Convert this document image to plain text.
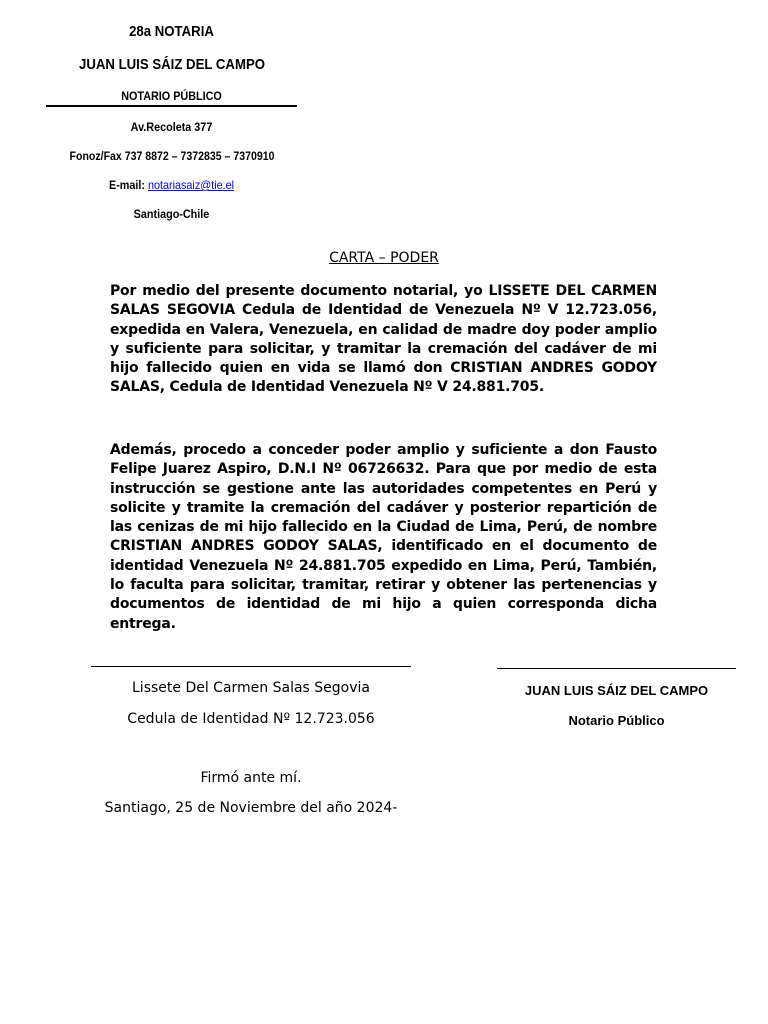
28a NOTARIA
JUAN LUIS SÁIZ DEL CAMPO
NOTARIO PÚBLICO
Av.Recoleta 377
Fonoz/Fax 737 8872 – 7372835 – 7370910
E-mail: notariasaiz@tie.el
Santiago-Chile
CARTA – PODER
Por medio del presente documento notarial, yo LISSETE DEL CARMEN SALAS SEGOVIA Cedula de Identidad de Venezuela Nº V 12.723.056, expedida en Valera, Venezuela, en calidad de madre doy poder amplio y suficiente para solicitar, y tramitar la cremación del cadáver de mi hijo fallecido quien en vida se llamó don CRISTIAN ANDRES GODOY SALAS, Cedula de Identidad Venezuela Nº V 24.881.705.
Además, procedo a conceder poder amplio y suficiente a don Fausto Felipe Juarez Aspiro, D.N.I Nº 06726632. Para que por medio de esta instrucción se gestione ante las autoridades competentes en Perú y solicite y tramite la cremación del cadáver y posterior repartición de las cenizas de mi hijo fallecido en la Ciudad de Lima, Perú, de nombre CRISTIAN ANDRES GODOY SALAS, identificado en el documento de identidad Venezuela Nº 24.881.705 expedido en Lima, Perú, También, lo faculta para solicitar, tramitar, retirar y obtener las pertenencias y documentos de identidad de mi hijo a quien corresponda dicha entrega.
Lissete Del Carmen Salas Segovia
Cedula de Identidad Nº 12.723.056
Firmó ante mí.
Santiago, 25 de Noviembre del año 2024-
JUAN LUIS SÁIZ DEL CAMPO
Notario Público
